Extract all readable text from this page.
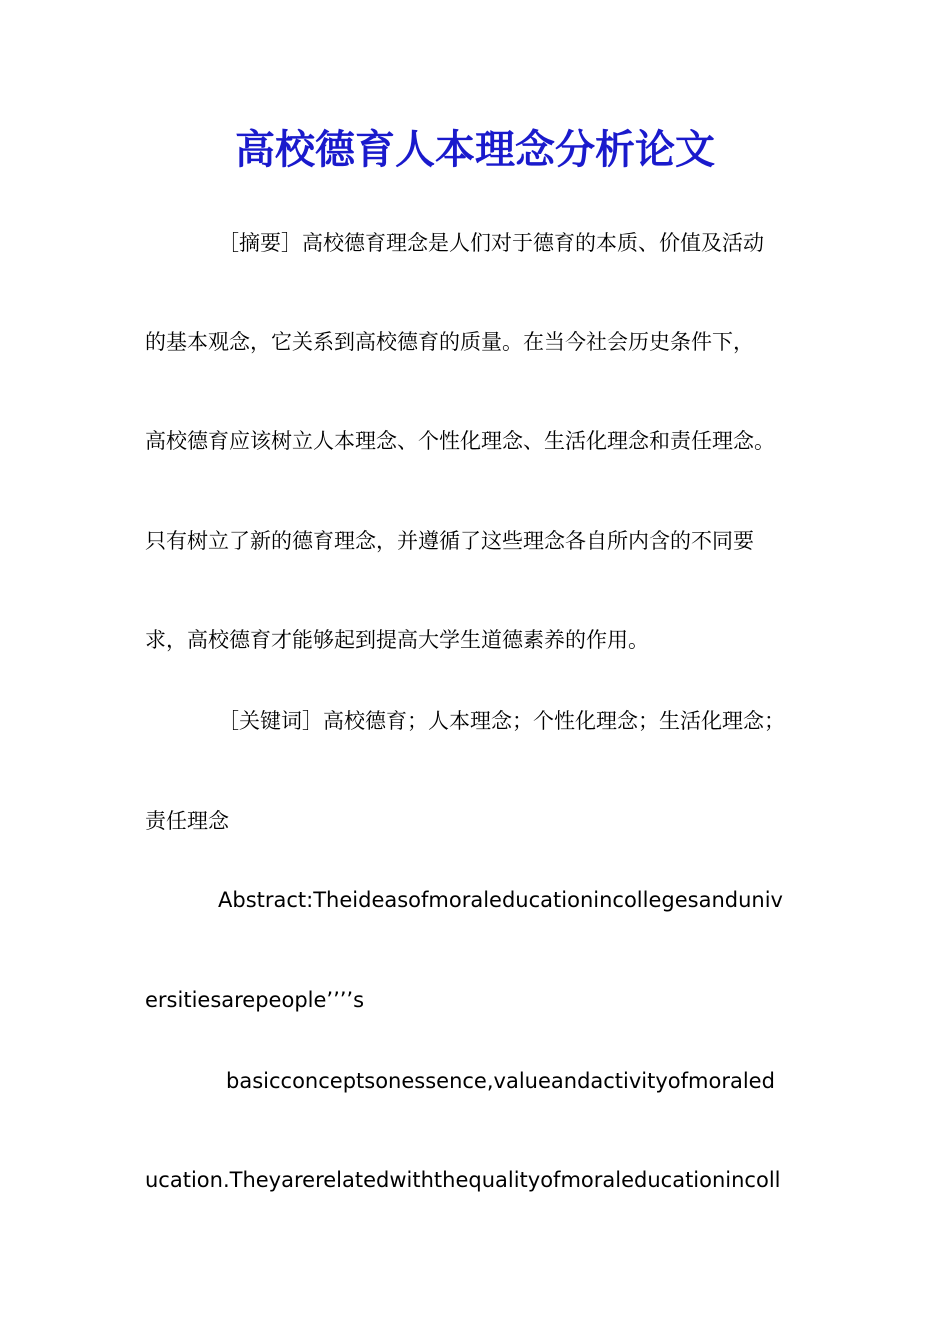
高校德育人本理念分析论文

［摘要］高校德育理念是人们对于德育的本质、价值及活动

的基本观念，它关系到高校德育的质量。在当今社会历史条件下，

高校德育应该树立人本理念、个性化理念、生活化理念和责任理念。

只有树立了新的德育理念，并遵循了这些理念各自所内含的不同要

求，高校德育才能够起到提高大学生道德素养的作用。

［关键词］高校德育；人本理念；个性化理念；生活化理念；

责任理念

Abstract:Theideasofmoraleducationincollegesanduniv

ersitiesarepeople’’’’s

basicconceptsonessence,valueandactivityofmoraled

ucation.Theyarerelatedwiththequalityofmoraleducationincoll
